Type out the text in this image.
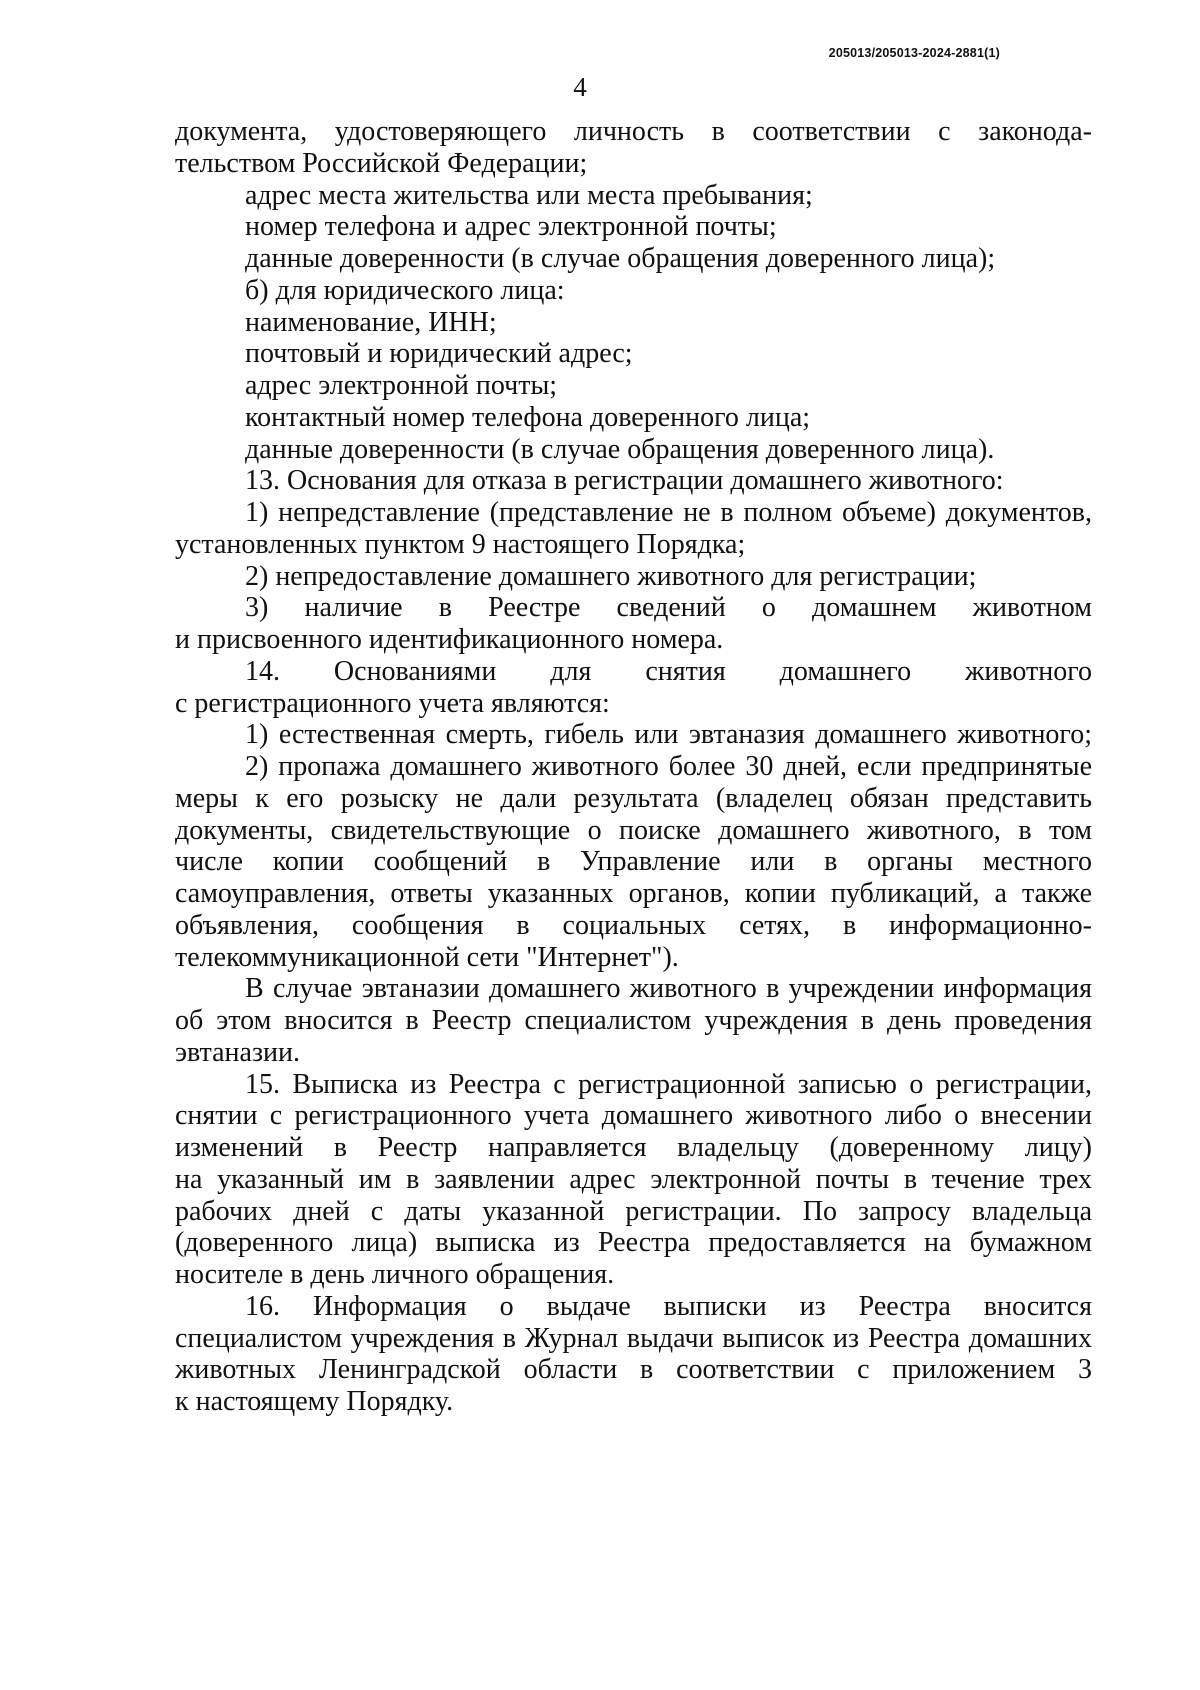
205013/205013-2024-2881(1)
4
документа, удостоверяющего личность в соответствии с законода-
тельством Российской Федерации;
адрес места жительства или места пребывания;
номер телефона и адрес электронной почты;
данные доверенности (в случае обращения доверенного лица);
б) для юридического лица:
наименование, ИНН;
почтовый и юридический адрес;
адрес электронной почты;
контактный номер телефона доверенного лица;
данные доверенности (в случае обращения доверенного лица).
13. Основания для отказа в регистрации домашнего животного:
1) непредставление (представление не в полном объеме) документов,
установленных пунктом 9 настоящего Порядка;
2) непредоставление домашнего животного для регистрации;
3) наличие в Реестре сведений о домашнем животном
и присвоенного идентификационного номера.
14. Основаниями для снятия домашнего животного
с регистрационного учета являются:
1) естественная смерть, гибель или эвтаназия домашнего животного;
2) пропажа домашнего животного более 30 дней, если предпринятые
меры к его розыску не дали результата (владелец обязан представить
документы, свидетельствующие о поиске домашнего животного, в том
числе копии сообщений в Управление или в органы местного
самоуправления, ответы указанных органов, копии публикаций, а также
объявления, сообщения в социальных сетях, в информационно-
телекоммуникационной сети "Интернет").
В случае эвтаназии домашнего животного в учреждении информация
об этом вносится в Реестр специалистом учреждения в день проведения
эвтаназии.
15. Выписка из Реестра с регистрационной записью о регистрации,
снятии с регистрационного учета домашнего животного либо о внесении
изменений в Реестр направляется владельцу (доверенному лицу)
на указанный им в заявлении адрес электронной почты в течение трех
рабочих дней с даты указанной регистрации. По запросу владельца
(доверенного лица) выписка из Реестра предоставляется на бумажном
носителе в день личного обращения.
16. Информация о выдаче выписки из Реестра вносится
специалистом учреждения в Журнал выдачи выписок из Реестра домашних
животных Ленинградской области в соответствии с приложением 3
к настоящему Порядку.
